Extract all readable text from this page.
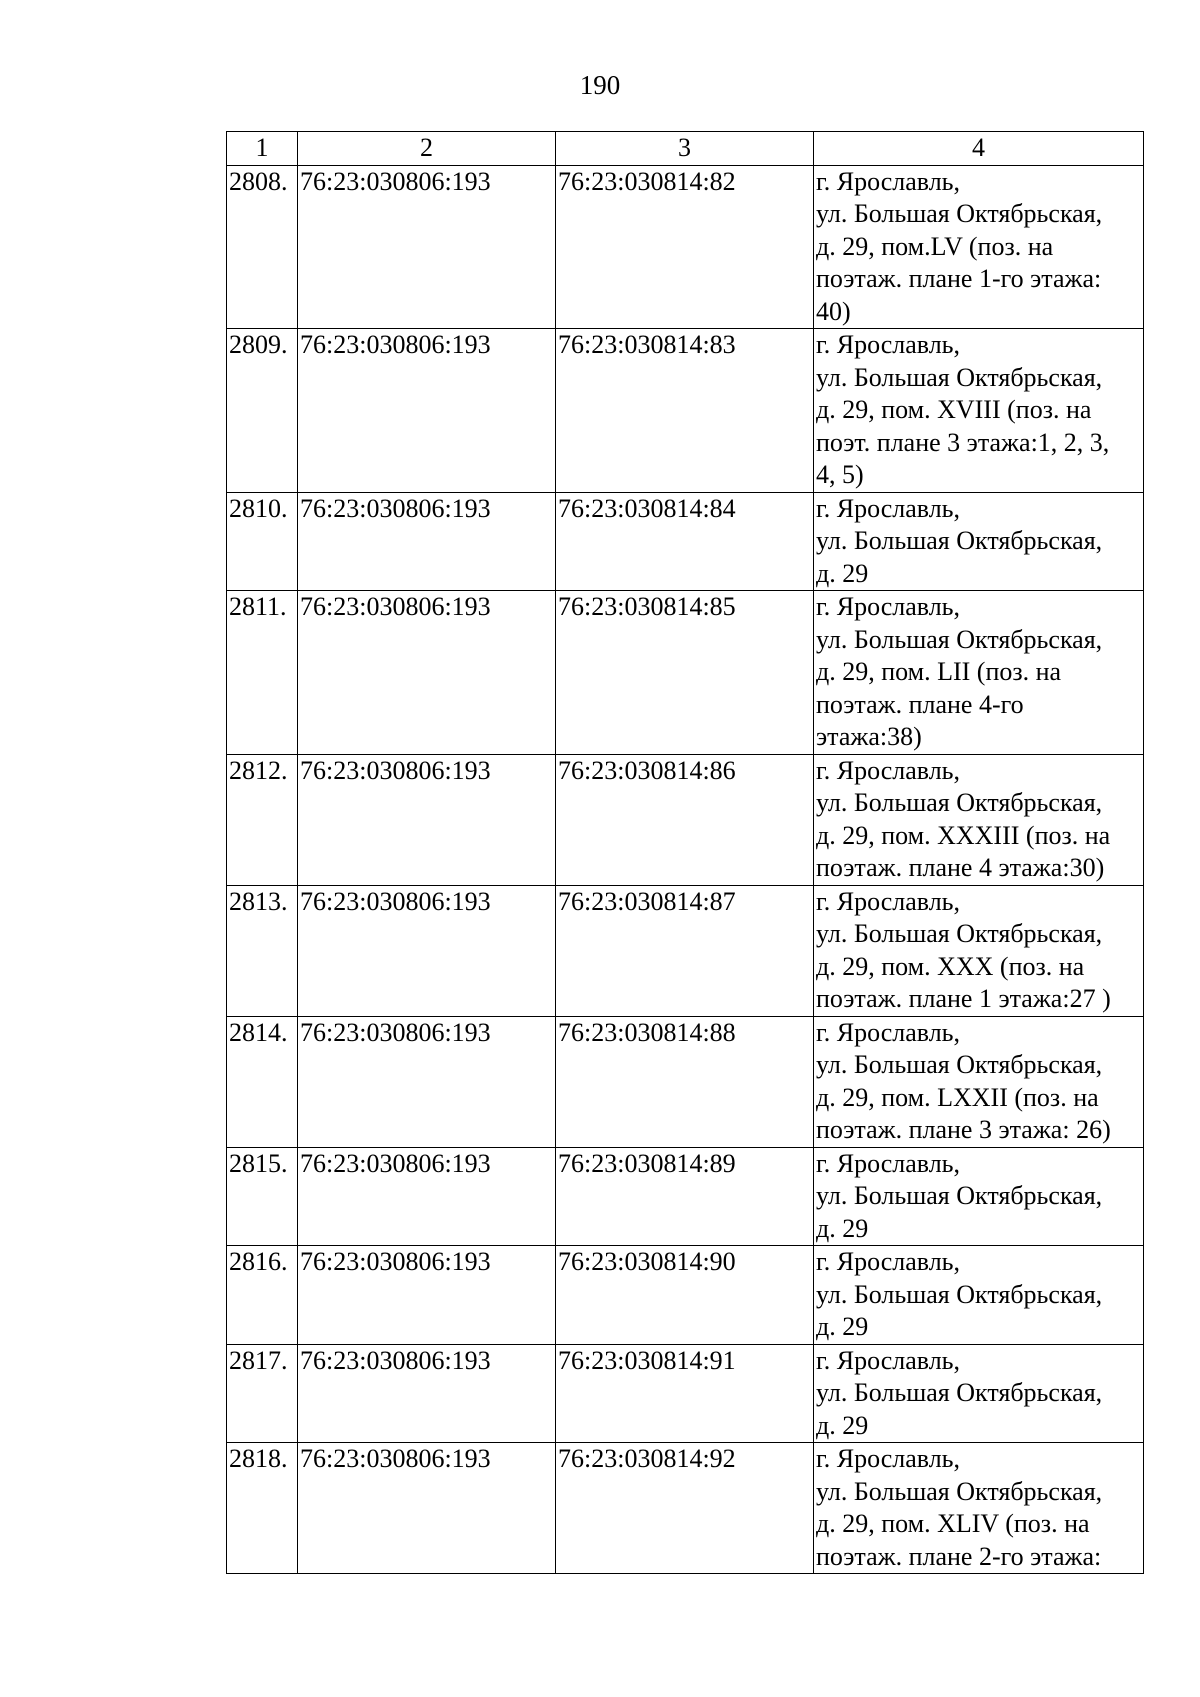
190
1	2	3	4
2808.	76:23:030806:193	76:23:030814:82	г. Ярославль,
ул. Большая Октябрьская,
д. 29, пом.LV (поз. на
поэтаж. плане 1-го этажа:
40)

2809.	76:23:030806:193	76:23:030814:83	г. Ярославль,
ул. Большая Октябрьская,
д. 29, пом. XVIII (поз. на
поэт. плане 3 этажа:1, 2, 3,
4, 5)

2810.	76:23:030806:193	76:23:030814:84	г. Ярославль,
ул. Большая Октябрьская,
д. 29

2811.	76:23:030806:193	76:23:030814:85	г. Ярославль,
ул. Большая Октябрьская,
д. 29, пом. LII (поз. на
поэтаж. плане 4-го
этажа:38)

2812.	76:23:030806:193	76:23:030814:86	г. Ярославль,
ул. Большая Октябрьская,
д. 29, пом. XXXIII (поз. на
поэтаж. плане 4 этажа:30)

2813.	76:23:030806:193	76:23:030814:87	г. Ярославль,
ул. Большая Октябрьская,
д. 29, пом. XXX (поз. на
поэтаж. плане 1 этажа:27 )

2814.	76:23:030806:193	76:23:030814:88	г. Ярославль,
ул. Большая Октябрьская,
д. 29, пом. LXXII (поз. на
поэтаж. плане 3 этажа: 26)

2815.	76:23:030806:193	76:23:030814:89	г. Ярославль,
ул. Большая Октябрьская,
д. 29

2816.	76:23:030806:193	76:23:030814:90	г. Ярославль,
ул. Большая Октябрьская,
д. 29

2817.	76:23:030806:193	76:23:030814:91	г. Ярославль,
ул. Большая Октябрьская,
д. 29

2818.	76:23:030806:193	76:23:030814:92	г. Ярославль,
ул. Большая Октябрьская,
д. 29, пом. XLIV (поз. на
поэтаж. плане 2-го этажа:
